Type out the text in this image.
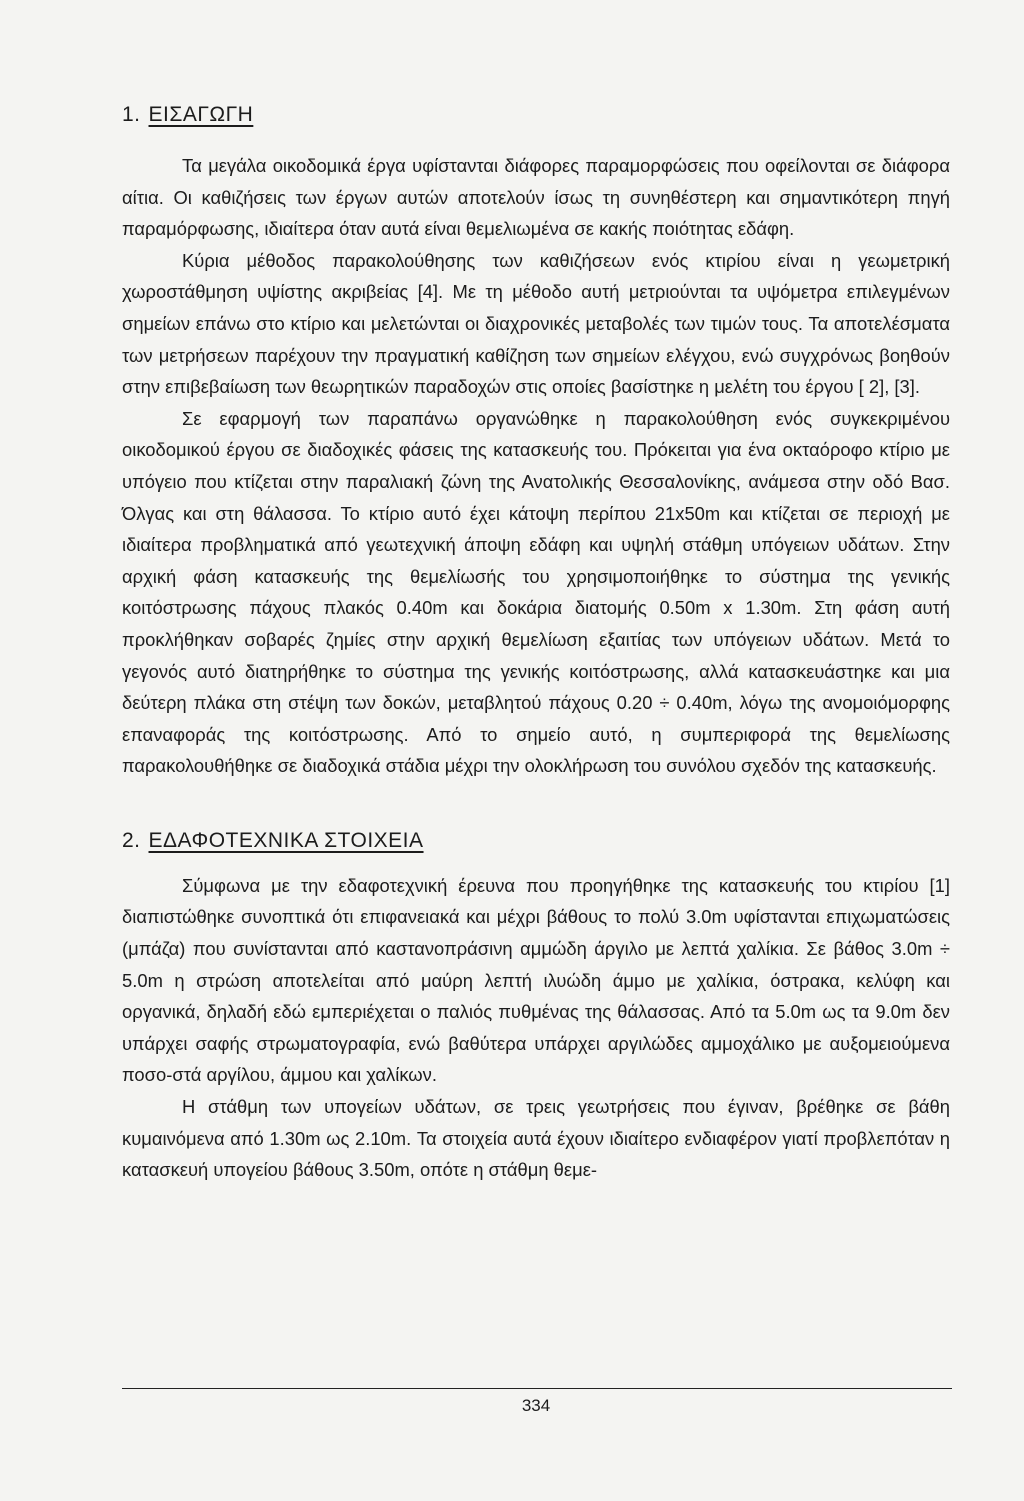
1. ΕΙΣΑΓΩΓΗ

Τα μεγάλα οικοδομικά έργα υφίστανται διάφορες παραμορφώσεις που οφείλονται σε διάφορα αίτια. Οι καθιζήσεις των έργων αυτών αποτελούν ίσως τη συνηθέστερη και σημαντικότερη πηγή παραμόρφωσης, ιδιαίτερα όταν αυτά είναι θεμελιωμένα σε κακής ποιότητας εδάφη.

Κύρια μέθοδος παρακολούθησης των καθιζήσεων ενός κτιρίου είναι η γεωμετρική χωροστάθμηση υψίστης ακριβείας [4]. Με τη μέθοδο αυτή μετριούνται τα υψόμετρα επιλεγμένων σημείων επάνω στο κτίριο και μελετώνται οι διαχρονικές μεταβολές των τιμών τους. Τα αποτελέσματα των μετρήσεων παρέχουν την πραγματική καθίζηση των σημείων ελέγχου, ενώ συγχρόνως βοηθούν στην επιβεβαίωση των θεωρητικών παραδοχών στις οποίες βασίστηκε η μελέτη του έργου [ 2], [3].

Σε εφαρμογή των παραπάνω οργανώθηκε η παρακολούθηση ενός συγκεκριμένου οικοδομικού έργου σε διαδοχικές φάσεις της κατασκευής του. Πρόκειται για ένα οκταόροφο κτίριο με υπόγειο που κτίζεται στην παραλιακή ζώνη της Ανατολικής Θεσσαλονίκης, ανάμεσα στην οδό Βασ. Όλγας και στη θάλασσα. Το κτίριο αυτό έχει κάτοψη περίπου 21x50m και κτίζεται σε περιοχή με ιδιαίτερα προβληματικά από γεωτεχνική άποψη εδάφη και υψηλή στάθμη υπόγειων υδάτων. Στην αρχική φάση κατασκευής της θεμελίωσής του χρησιμοποιήθηκε το σύστημα της γενικής κοιτόστρωσης πάχους πλακός 0.40m και δοκάρια διατομής 0.50m x 1.30m. Στη φάση αυτή προκλήθηκαν σοβαρές ζημίες στην αρχική θεμελίωση εξαιτίας των υπόγειων υδάτων. Μετά το γεγονός αυτό διατηρήθηκε το σύστημα της γενικής κοιτόστρωσης, αλλά κατασκευάστηκε και μια δεύτερη πλάκα στη στέψη των δοκών, μεταβλητού πάχους 0.20 ÷ 0.40m, λόγω της ανομοιόμορφης επαναφοράς της κοιτόστρωσης. Από το σημείο αυτό, η συμπεριφορά της θεμελίωσης παρακολουθήθηκε σε διαδοχικά στάδια μέχρι την ολοκλήρωση του συνόλου σχεδόν της κατασκευής.

2. ΕΔΑΦΟΤΕΧΝΙΚΑ ΣΤΟΙΧΕΙΑ

Σύμφωνα με την εδαφοτεχνική έρευνα που προηγήθηκε της κατασκευής του κτιρίου [1] διαπιστώθηκε συνοπτικά ότι επιφανειακά και μέχρι βάθους το πολύ 3.0m υφίστανται επιχωματώσεις (μπάζα) που συνίστανται από καστανοπράσινη αμμώδη άργιλο με λεπτά χαλίκια. Σε βάθος 3.0m ÷ 5.0m η στρώση αποτελείται από μαύρη λεπτή ιλυώδη άμμο με χαλίκια, όστρακα, κελύφη και οργανικά, δηλαδή εδώ εμπεριέχεται ο παλιός πυθμένας της θάλασσας. Από τα 5.0m ως τα 9.0m δεν υπάρχει σαφής στρωματογραφία, ενώ βαθύτερα υπάρχει αργιλώδες αμμοχάλικο με αυξομειούμενα ποσο-στά αργίλου, άμμου και χαλίκων.

Η στάθμη των υπογείων υδάτων, σε τρεις γεωτρήσεις που έγιναν, βρέθηκε σε βάθη κυμαινόμενα από 1.30m ως 2.10m. Τα στοιχεία αυτά έχουν ιδιαίτερο ενδιαφέρον γιατί προβλεπόταν η κατασκευή υπογείου βάθους 3.50m, οπότε η στάθμη θεμε-

334
